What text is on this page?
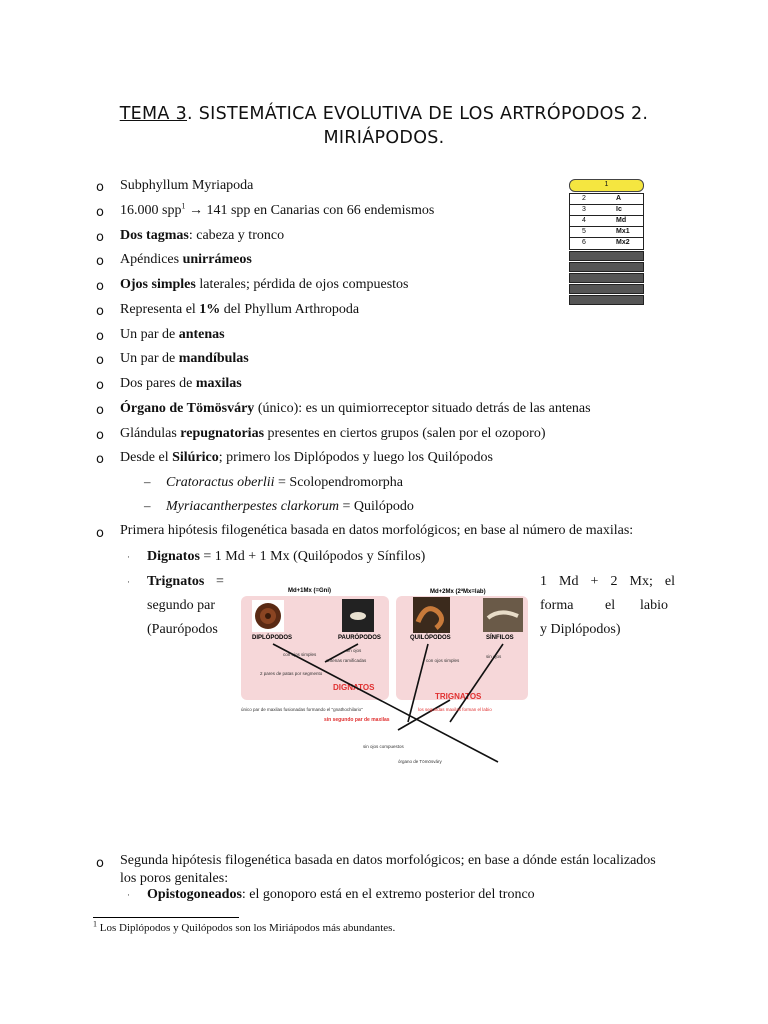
TEMA 3. SISTEMÁTICA EVOLUTIVA DE LOS ARTRÓPODOS 2.
MIRIÁPODOS.
o
o
o
o
o
o
o
o
o
o
o
o
o
o
Subphyllum Myriapoda
16.000 spp$^1$ → 141 spp en Canarias con 66 endemismos
Dos tagmas: cabeza y tronco
Apéndices unirrámeos
Ojos simples laterales; pérdida de ojos compuestos
Representa el 1% del Phyllum Arthropoda
Un par de antenas
Un par de mandíbulas
Dos pares de maxilas
Órgano de Tömösváry (único): es un quimiorreceptor situado detrás de las antenas
Glándulas repugnatorias presentes en ciertos grupos (salen por el ozoporo)
Desde el Silúrico; primero los Diplópodos y luego los Quilópodos
– Cratoractus oberlii = Scolopendromorpha
– Myriacantherpestes clarkorum = Quilópodo
Primera hipótesis filogenética basada en datos morfológicos; en base al número de maxilas:
· Dignatos = 1 Md + 1 Mx (Quilópodos y Sínfilos)
· Trignatos =	1 Md + 2 Mx; el
segundo par	forma el labio
(Paurópodos	y Diplópodos)
Md+1Mx (=Gni)	Md+2Mx (2ªMx=lab)
DIPLÓPODOS	PAURÓPODOS	QUILÓPODOS	SÍNFILOS
con ojos simples
sin ojos
antenas ramificadas
2 pares de patas por segmento
con ojos simples
sin ojos
DIGNATOS
TRIGNATOS
único par de maxilas fusionadas formando el "gnathochilario"
sin segundo par de maxilas
los segundas maxilas forman el labio
sin ojos compuestos
órgano de Tömösváry
1
2	A
3	Ic
4	Md
5	Mx1
6	Mx2
Segunda hipótesis filogenética basada en datos morfológicos; en base a dónde están localizados
los poros genitales:
· Opistogoneados: el gonoporo está en el extremo posterior del tronco
$^1$ Los Diplópodos y Quilópodos son los Miriápodos más abundantes.
